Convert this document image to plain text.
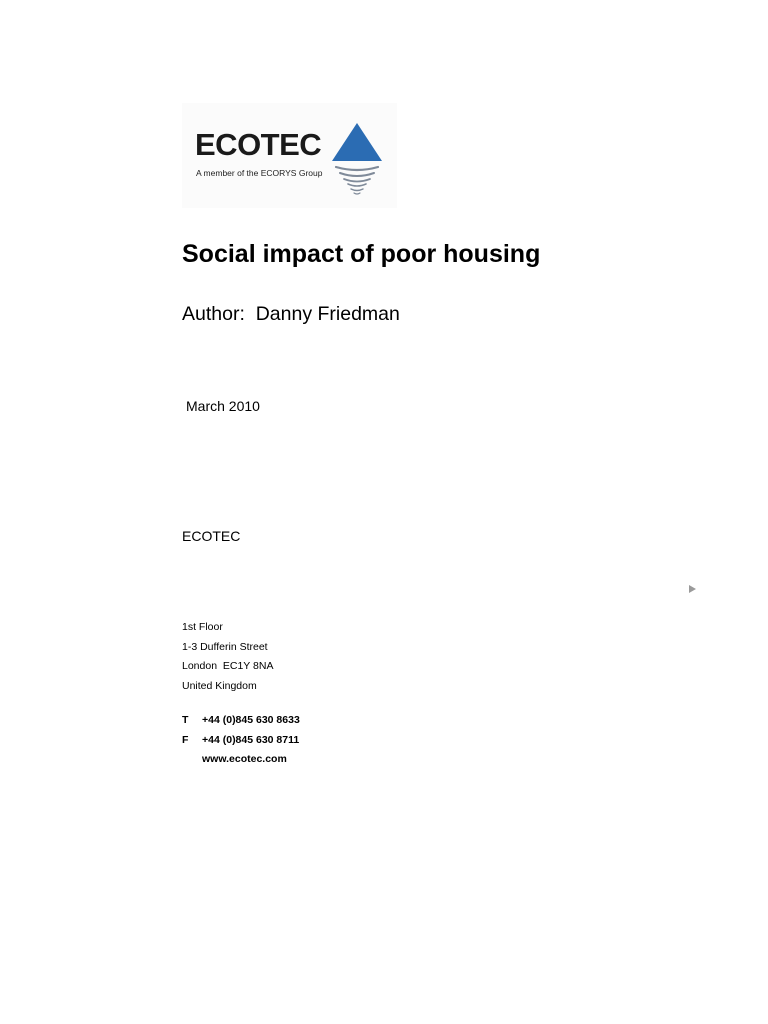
ECOTEC
A member of the ECORYS Group
Social impact of poor housing
Author:  Danny Friedman
March 2010
ECOTEC
1st Floor
1-3 Dufferin Street
London  EC1Y 8NA
United Kingdom
T +44 (0)845 630 8633
F +44 (0)845 630 8711
www.ecotec.com
